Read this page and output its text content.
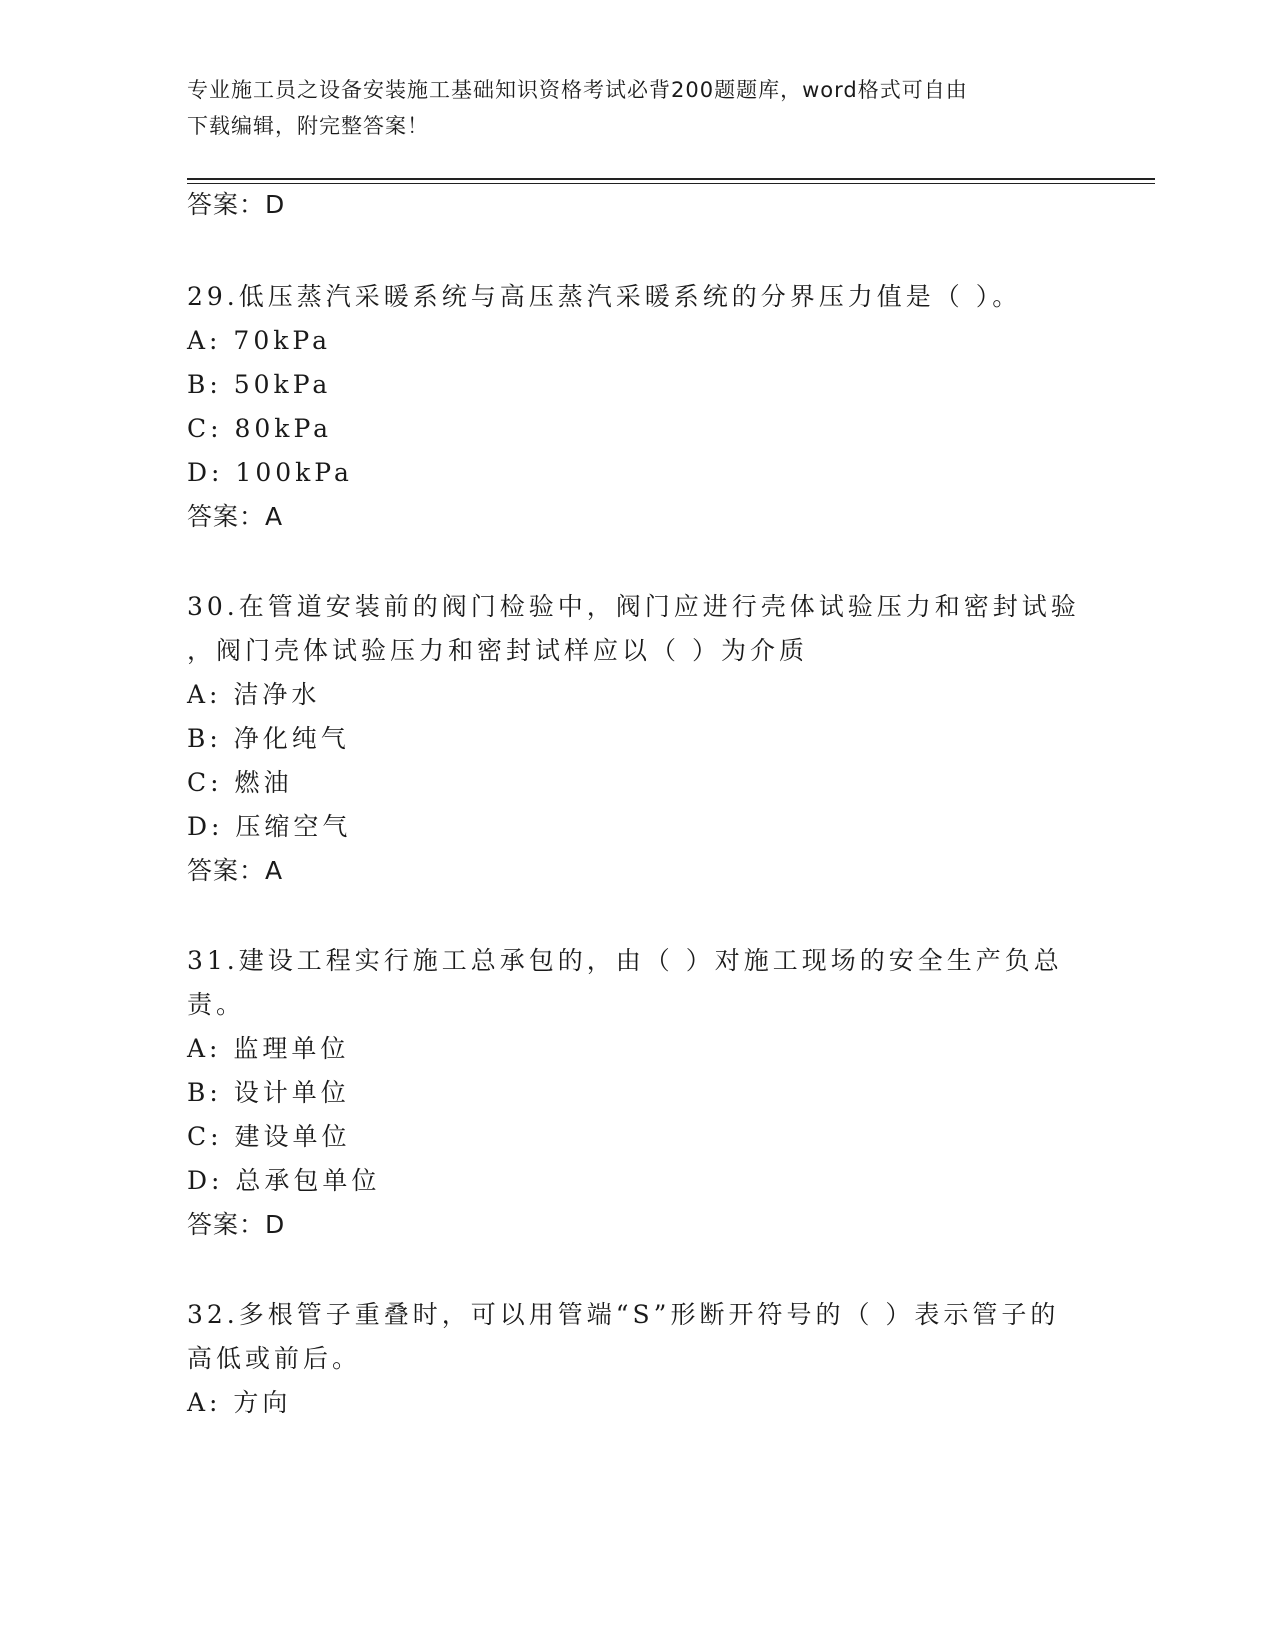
专业施工员之设备安装施工基础知识资格考试必背200题题库，word格式可自由
下载编辑，附完整答案！
答案：D
29.低压蒸汽采暖系统与高压蒸汽采暖系统的分界压力值是（ ）。
A: 70kPa
B: 50kPa
C: 80kPa
D: 100kPa
答案：A
30.在管道安装前的阀门检验中，阀门应进行壳体试验压力和密封试验
，阀门壳体试验压力和密封试样应以（ ）为介质
A: 洁净水
B: 净化纯气
C: 燃油
D: 压缩空气
答案：A
31.建设工程实行施工总承包的，由（ ）对施工现场的安全生产负总
责。
A: 监理单位
B: 设计单位
C: 建设单位
D: 总承包单位
答案：D
32.多根管子重叠时，可以用管端“S”形断开符号的（ ）表示管子的
高低或前后。
A: 方向
